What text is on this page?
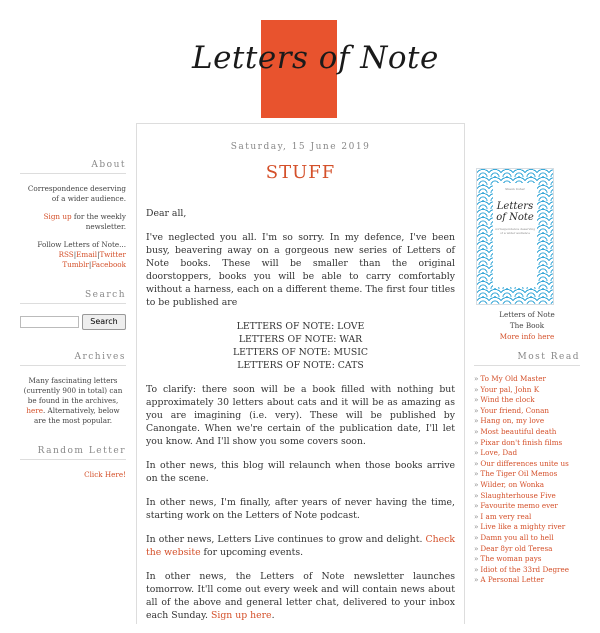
Letters of Note
About
Correspondence deserving of a wider audience.
Sign up for the weekly newsletter.
Follow Letters of Note...
RSS|Email|Twitter
Tumblr|Facebook
Search
Search
Archives
Many fascinating letters (currently 900 in total) can be found in the archives, here. Alternatively, below are the most popular.
Random Letter
Click Here!
Saturday, 15 June 2019
STUFF

Dear all,

I've neglected you all. I'm so sorry. In my defence, I've been busy, beavering away on a gorgeous new series of Letters of Note books. These will be smaller than the original doorstoppers, books you will be able to carry comfortably without a harness, each on a different theme. The first four titles to be published are

LETTERS OF NOTE: LOVE
LETTERS OF NOTE: WAR
LETTERS OF NOTE: MUSIC
LETTERS OF NOTE: CATS

To clarify: there soon will be a book filled with nothing but approximately 30 letters about cats and it will be as amazing as you are imagining (i.e. very). These will be published by Canongate. When we're certain of the publication date, I'll let you know. And I'll show you some covers soon.

In other news, this blog will relaunch when those books arrive on the scene.

In other news, I'm finally, after years of never having the time, starting work on the Letters of Note podcast.

In other news, Letters Live continues to grow and delight. Check the website for upcoming events.

In other news, the Letters of Note newsletter launches tomorrow. It'll come out every week and will contain news about all of the above and general letter chat, delivered to your inbox each Sunday. Sign up here.

Shaun Usher
Letters of Note
correspondence deserving of a wider audience
Letters of Note
The Book
More info here
Most Read
» To My Old Master
» Your pal, John K
» Wind the clock
» Your friend, Conan
» Hang on, my love
» Most beautiful death
» Pixar don't finish films
» Love, Dad
» Our differences unite us
» The Tiger Oil Memos
» Wilder, on Wonka
» Slaughterhouse Five
» Favourite memo ever
» I am very real
» Live like a mighty river
» Damn you all to hell
» Dear 8yr old Teresa
» The woman pays
» Idiot of the 33rd Degree
» A Personal Letter
